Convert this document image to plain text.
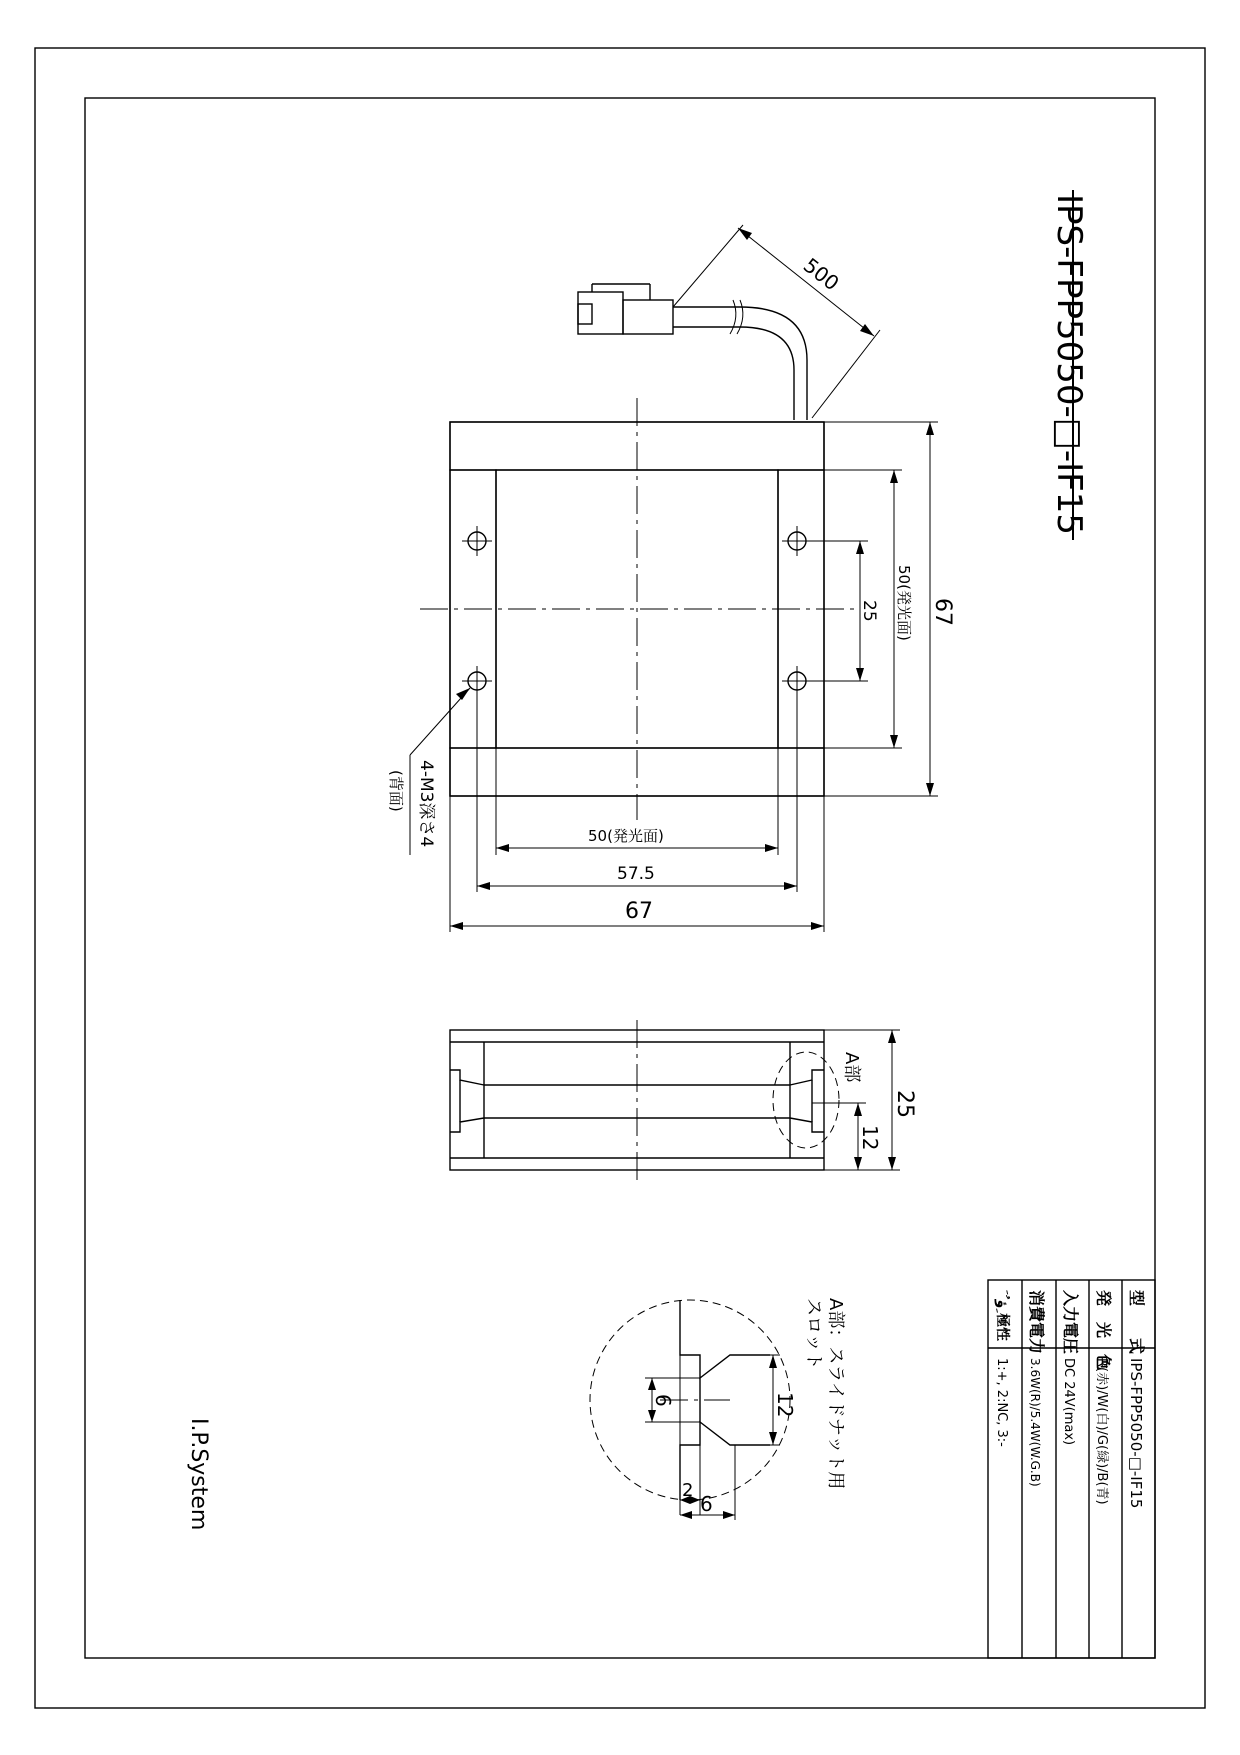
IPS-FPP5050-□-IF15
500
4-M3深さ4
(背面)
25 50(発光面) 67
50(発光面)
57.5
67
A部
25
12
12
6
2
6
A部：スライドナット用
スロット
I.P.System
型　　式
IPS-FPP5050-□-IF15
発　光　色
R(赤)/W(白)/G(緑)/B(青)
入力電圧
DC 24V(max)
消費電力
3.6W(R)/5.4W(W.G.B)
ﹺﺅﹸﹶ極性
1:+, 2:NC, 3:-
